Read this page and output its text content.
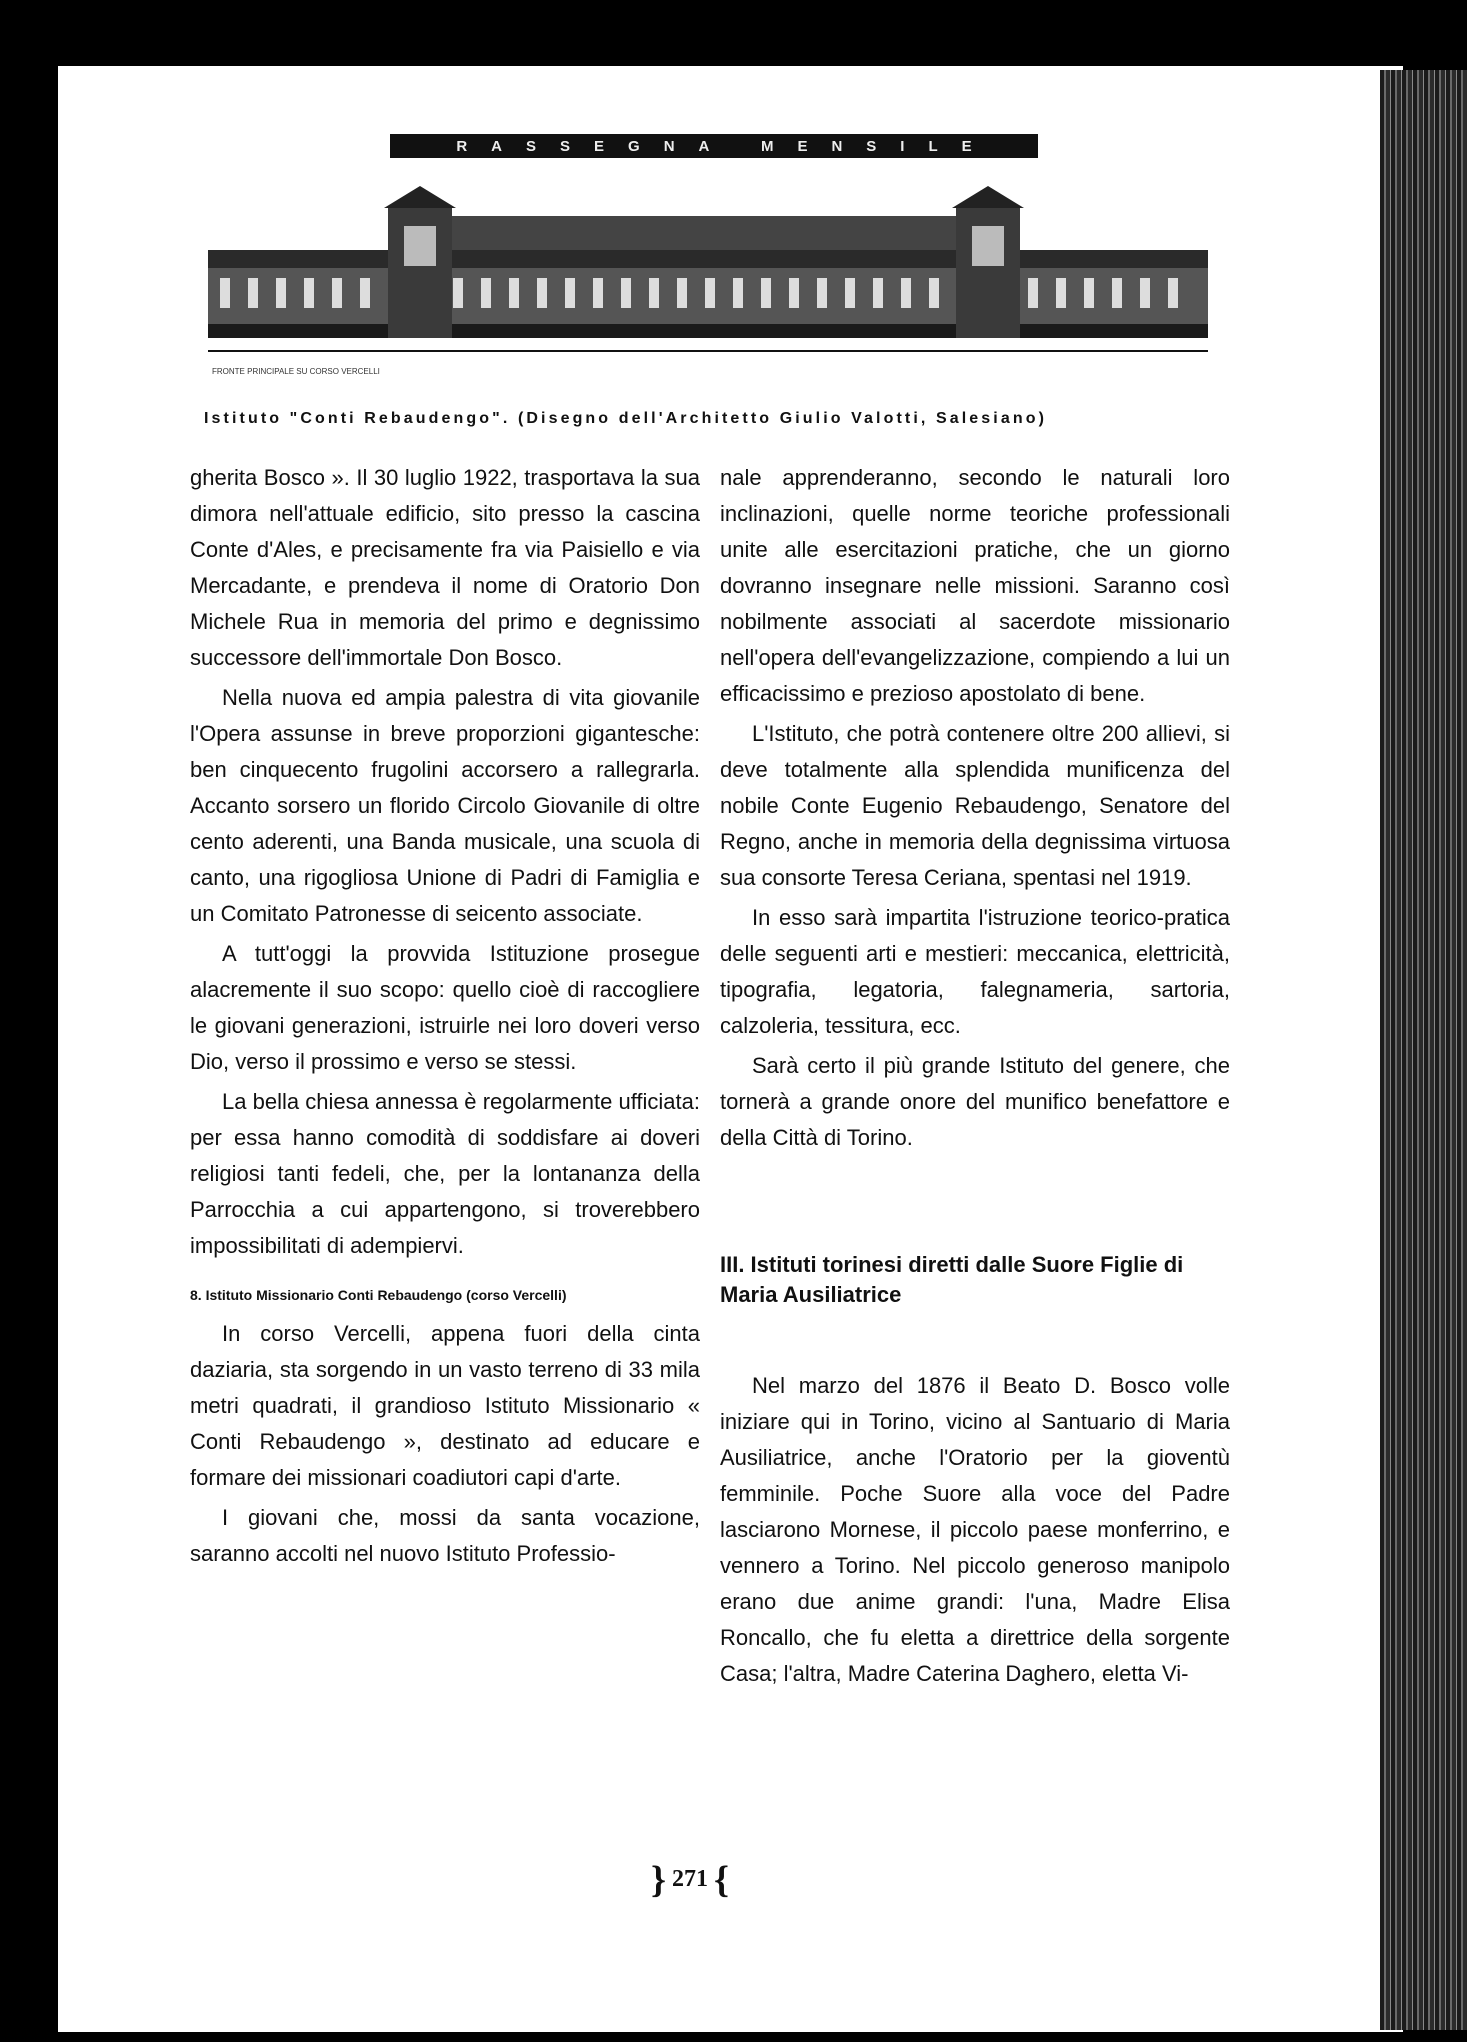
RASSEGNA MENSILE
FRONTE PRINCIPALE SU CORSO VERCELLI
Istituto "Conti Rebaudengo". (Disegno dell'Architetto Giulio Valotti, Salesiano)

gherita Bosco ». Il 30 luglio 1922, trasportava la sua dimora nell'attuale edificio, sito presso la cascina Conte d'Ales, e precisamente fra via Paisiello e via Mercadante, e prendeva il nome di Oratorio Don Michele Rua in memoria del primo e degnissimo successore dell'immortale Don Bosco.

Nella nuova ed ampia palestra di vita giovanile l'Opera assunse in breve proporzioni gigantesche: ben cinquecento frugolini accorsero a rallegrarla. Accanto sorsero un florido Circolo Giovanile di oltre cento aderenti, una Banda musicale, una scuola di canto, una rigogliosa Unione di Padri di Famiglia e un Comitato Patronesse di seicento associate.

A tutt'oggi la provvida Istituzione prosegue alacremente il suo scopo: quello cioè di raccogliere le giovani generazioni, istruirle nei loro doveri verso Dio, verso il prossimo e verso se stessi.

La bella chiesa annessa è regolarmente ufficiata: per essa hanno comodità di soddisfare ai doveri religiosi tanti fedeli, che, per la lontananza della Parrocchia a cui appartengono, si troverebbero impossibilitati di adempiervi.

8. Istituto Missionario Conti Rebaudengo (corso Vercelli)

In corso Vercelli, appena fuori della cinta daziaria, sta sorgendo in un vasto terreno di 33 mila metri quadrati, il grandioso Istituto Missionario « Conti Rebaudengo », destinato ad educare e formare dei missionari coadiutori capi d'arte.

I giovani che, mossi da santa vocazione, saranno accolti nel nuovo Istituto Professio-

nale apprenderanno, secondo le naturali loro inclinazioni, quelle norme teoriche professionali unite alle esercitazioni pratiche, che un giorno dovranno insegnare nelle missioni. Saranno così nobilmente associati al sacerdote missionario nell'opera dell'evangelizzazione, compiendo a lui un efficacissimo e prezioso apostolato di bene.

L'Istituto, che potrà contenere oltre 200 allievi, si deve totalmente alla splendida munificenza del nobile Conte Eugenio Rebaudengo, Senatore del Regno, anche in memoria della degnissima virtuosa sua consorte Teresa Ceriana, spentasi nel 1919.

In esso sarà impartita l'istruzione teorico-pratica delle seguenti arti e mestieri: meccanica, elettricità, tipografia, legatoria, falegnameria, sartoria, calzoleria, tessitura, ecc.

Sarà certo il più grande Istituto del genere, che tornerà a grande onore del munifico benefattore e della Città di Torino.

III. Istituti torinesi diretti dalle Suore Figlie di Maria Ausiliatrice

Nel marzo del 1876 il Beato D. Bosco volle iniziare qui in Torino, vicino al Santuario di Maria Ausiliatrice, anche l'Oratorio per la gioventù femminile. Poche Suore alla voce del Padre lasciarono Mornese, il piccolo paese monferrino, e vennero a Torino. Nel piccolo generoso manipolo erano due anime grandi: l'una, Madre Elisa Roncallo, che fu eletta a direttrice della sorgente Casa; l'altra, Madre Caterina Daghero, eletta Vi-

} 271 {
